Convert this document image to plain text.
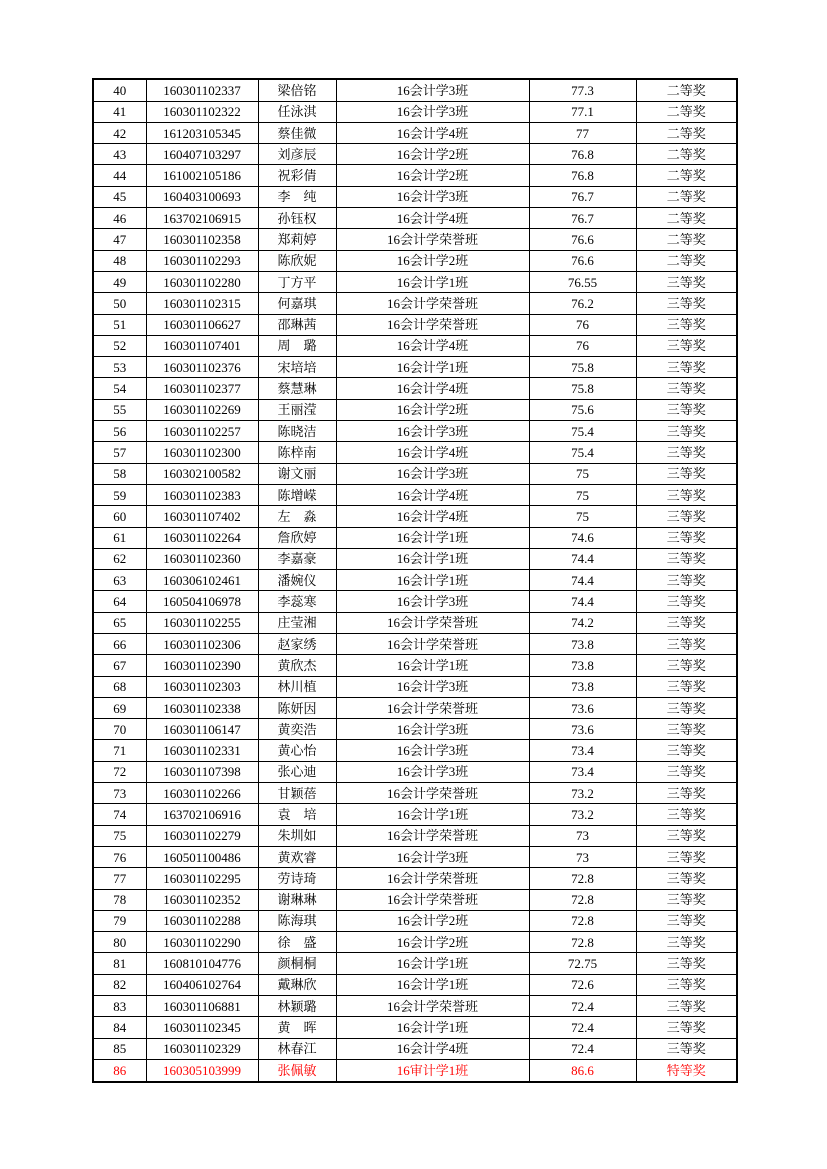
40	160301102337	梁倍铭	16会计学3班	77.3	二等奖
41	160301102322	任泳淇	16会计学3班	77.1	二等奖
42	161203105345	蔡佳微	16会计学4班	77	二等奖
43	160407103297	刘彦辰	16会计学2班	76.8	二等奖
44	161002105186	祝彩倩	16会计学2班	76.8	二等奖
45	160403100693	李　纯	16会计学3班	76.7	二等奖
46	163702106915	孙钰权	16会计学4班	76.7	二等奖
47	160301102358	郑莉婷	16会计学荣誉班	76.6	二等奖
48	160301102293	陈欣妮	16会计学2班	76.6	二等奖
49	160301102280	丁方平	16会计学1班	76.55	三等奖
50	160301102315	何嘉琪	16会计学荣誉班	76.2	三等奖
51	160301106627	邵琳茜	16会计学荣誉班	76	三等奖
52	160301107401	周　璐	16会计学4班	76	三等奖
53	160301102376	宋培培	16会计学1班	75.8	三等奖
54	160301102377	蔡慧琳	16会计学4班	75.8	三等奖
55	160301102269	王丽滢	16会计学2班	75.6	三等奖
56	160301102257	陈晓洁	16会计学3班	75.4	三等奖
57	160301102300	陈梓南	16会计学4班	75.4	三等奖
58	160302100582	谢文丽	16会计学3班	75	三等奖
59	160301102383	陈增嵘	16会计学4班	75	三等奖
60	160301107402	左　淼	16会计学4班	75	三等奖
61	160301102264	詹欣婷	16会计学1班	74.6	三等奖
62	160301102360	李嘉豪	16会计学1班	74.4	三等奖
63	160306102461	潘婉仪	16会计学1班	74.4	三等奖
64	160504106978	李蕊寒	16会计学3班	74.4	三等奖
65	160301102255	庄莹湘	16会计学荣誉班	74.2	三等奖
66	160301102306	赵家绣	16会计学荣誉班	73.8	三等奖
67	160301102390	黄欣杰	16会计学1班	73.8	三等奖
68	160301102303	林川植	16会计学3班	73.8	三等奖
69	160301102338	陈妍因	16会计学荣誉班	73.6	三等奖
70	160301106147	黄奕浩	16会计学3班	73.6	三等奖
71	160301102331	黄心怡	16会计学3班	73.4	三等奖
72	160301107398	张心迪	16会计学3班	73.4	三等奖
73	160301102266	甘颖蓓	16会计学荣誉班	73.2	三等奖
74	163702106916	袁　培	16会计学1班	73.2	三等奖
75	160301102279	朱圳如	16会计学荣誉班	73	三等奖
76	160501100486	黄欢睿	16会计学3班	73	三等奖
77	160301102295	劳诗琦	16会计学荣誉班	72.8	三等奖
78	160301102352	谢琳琳	16会计学荣誉班	72.8	三等奖
79	160301102288	陈海琪	16会计学2班	72.8	三等奖
80	160301102290	徐　盛	16会计学2班	72.8	三等奖
81	160810104776	颜桐桐	16会计学1班	72.75	三等奖
82	160406102764	戴琳欣	16会计学1班	72.6	三等奖
83	160301106881	林颖璐	16会计学荣誉班	72.4	三等奖
84	160301102345	黄　晖	16会计学1班	72.4	三等奖
85	160301102329	林春江	16会计学4班	72.4	三等奖
86	160305103999	张佩敏	16审计学1班	86.6	特等奖
